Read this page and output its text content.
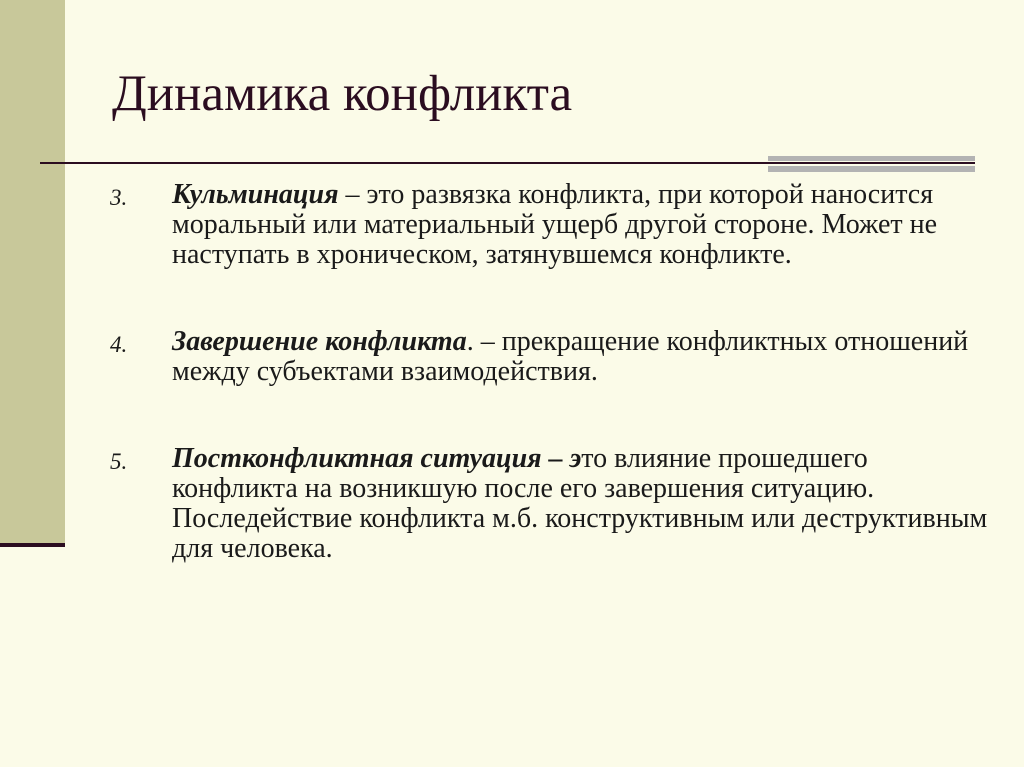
Динамика конфликта
3. Кульминация – это развязка конфликта, при которой наносится моральный или материальный ущерб другой стороне. Может не наступать в хроническом, затянувшемся конфликте.
4. Завершение конфликта. – прекращение конфликтных отношений между субъектами взаимодействия.
5. Постконфликтная ситуация – это влияние прошедшего конфликта на возникшую после его завершения ситуацию. Последействие конфликта м.б. конструктивным или деструктивным для человека.
